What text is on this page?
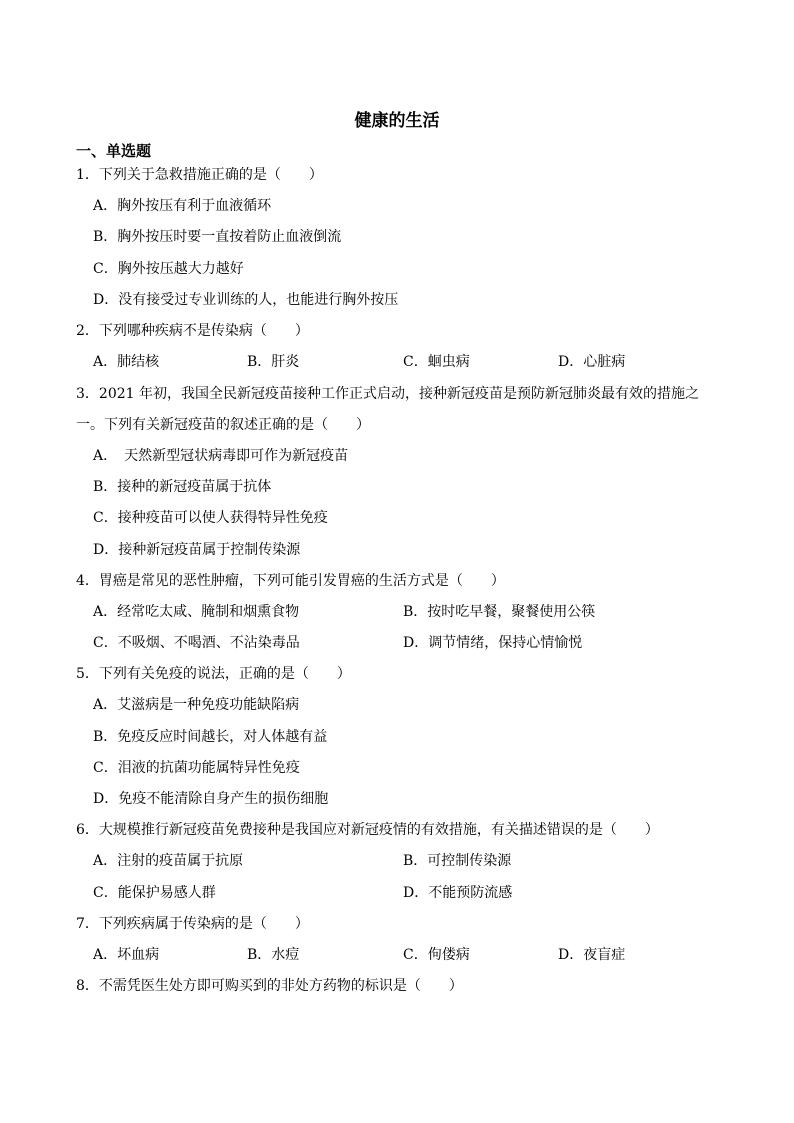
健康的生活
一、单选题
1．下列关于急救措施正确的是（　　）
A．胸外按压有利于血液循环
B．胸外按压时要一直按着防止血液倒流
C．胸外按压越大力越好
D．没有接受过专业训练的人，也能进行胸外按压
2．下列哪种疾病不是传染病（　　）
A．肺结核	B．肝炎	C．蛔虫病	D．心脏病
3．2021 年初，我国全民新冠疫苗接种工作正式启动，接种新冠疫苗是预防新冠肺炎最有效的措施之
一。下列有关新冠疫苗的叙述正确的是（　　）
A．　天然新型冠状病毒即可作为新冠疫苗
B．接种的新冠疫苗属于抗体
C．接种疫苗可以使人获得特异性免疫
D．接种新冠疫苗属于控制传染源
4．胃癌是常见的恶性肿瘤，下列可能引发胃癌的生活方式是（　　）
A．经常吃太咸、腌制和烟熏食物	B．按时吃早餐，聚餐使用公筷
C．不吸烟、不喝酒、不沾染毒品	D．调节情绪，保持心情愉悦
5．下列有关免疫的说法，正确的是（　　）
A．艾滋病是一种免疫功能缺陷病
B．免疫反应时间越长，对人体越有益
C．泪液的抗菌功能属特异性免疫
D．免疫不能清除自身产生的损伤细胞
6．大规模推行新冠疫苗免费接种是我国应对新冠疫情的有效措施，有关描述错误的是（　　）
A．注射的疫苗属于抗原	B．可控制传染源
C．能保护易感人群	D．不能预防流感
7．下列疾病属于传染病的是（　　）
A．坏血病	B．水痘	C．佝偻病	D．夜盲症
8．不需凭医生处方即可购买到的非处方药物的标识是（　　）
